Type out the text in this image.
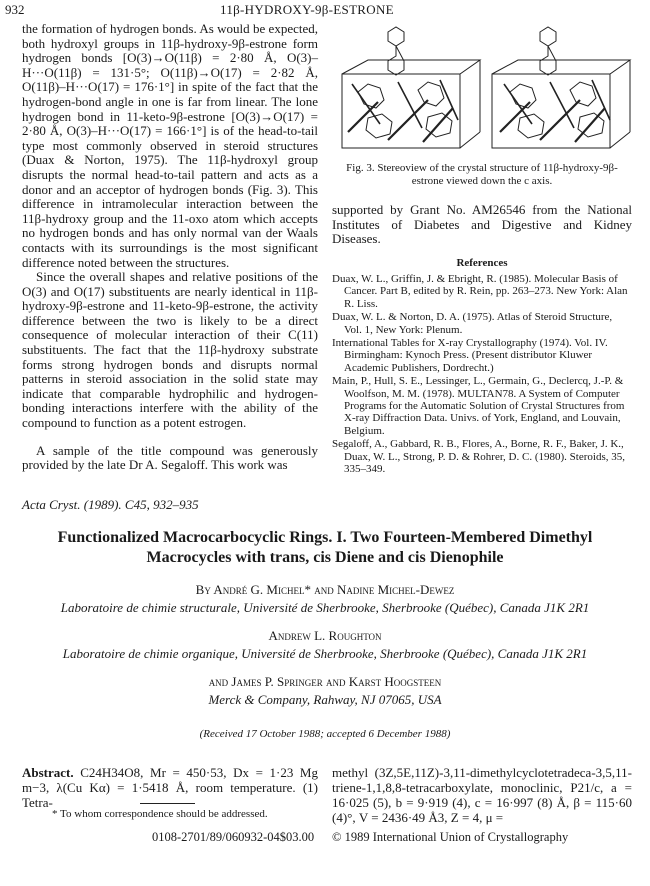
932	11β-HYDROXY-9β-ESTRONE

the formation of hydrogen bonds. As would be expected, both hydroxyl groups in 11β-hydroxy-9β-estrone form hydrogen bonds [O(3)→O(11β) = 2·80 Å, O(3)–H···O(11β) = 131·5°; O(11β)→O(17) = 2·82 Å, O(11β)–H···O(17) = 176·1°] in spite of the fact that the hydrogen-bond angle in one is far from linear. The lone hydrogen bond in 11-keto-9β-estrone [O(3)→O(17) = 2·80 Å, O(3)–H···O(17) = 166·1°] is of the head-to-tail type most commonly observed in steroid structures (Duax & Norton, 1975). The 11β-hydroxyl group disrupts the normal head-to-tail pattern and acts as a donor and an acceptor of hydrogen bonds (Fig. 3). This difference in intramolecular interaction between the 11β-hydroxy group and the 11-oxo atom which accepts no hydrogen bonds and has only normal van der Waals contacts with its surroundings is the most significant difference noted between the structures.

Since the overall shapes and relative positions of the O(3) and O(17) substituents are nearly identical in 11β-hydroxy-9β-estrone and 11-keto-9β-estrone, the activity difference between the two is likely to be a direct consequence of molecular interaction of their C(11) substituents. The fact that the 11β-hydroxy substrate forms strong hydrogen bonds and disrupts normal patterns in steroid association in the solid state may indicate that comparable hydrophilic and hydrogen-bonding interactions interfere with the ability of the compound to function as a potent estrogen.

A sample of the title compound was generously provided by the late Dr A. Segaloff. This work was

Fig. 3. Stereoview of the crystal structure of 11β-hydroxy-9β-estrone viewed down the c axis.
supported by Grant No. AM26546 from the National Institutes of Diabetes and Digestive and Kidney Diseases.
References

Duax, W. L., Griffin, J. & Ebright, R. (1985). Molecular Basis of Cancer. Part B, edited by R. Rein, pp. 263–273. New York: Alan R. Liss.

Duax, W. L. & Norton, D. A. (1975). Atlas of Steroid Structure, Vol. 1, New York: Plenum.

International Tables for X-ray Crystallography (1974). Vol. IV. Birmingham: Kynoch Press. (Present distributor Kluwer Academic Publishers, Dordrecht.)

Main, P., Hull, S. E., Lessinger, L., Germain, G., Declercq, J.-P. & Woolfson, M. M. (1978). MULTAN78. A System of Computer Programs for the Automatic Solution of Crystal Structures from X-ray Diffraction Data. Univs. of York, England, and Louvain, Belgium.

Segaloff, A., Gabbard, R. B., Flores, A., Borne, R. F., Baker, J. K., Duax, W. L., Strong, P. D. & Rohrer, D. C. (1980). Steroids, 35, 335–349.

Acta Cryst. (1989). C45, 932–935
Functionalized Macrocarbocyclic Rings. I. Two Fourteen-Membered Dimethyl
Macrocycles with trans, cis Diene and cis Dienophile
By André G. Michel* and Nadine Michel-Dewez
Laboratoire de chimie structurale, Université de Sherbrooke, Sherbrooke (Québec), Canada J1K 2R1
Andrew L. Roughton
Laboratoire de chimie organique, Université de Sherbrooke, Sherbrooke (Québec), Canada J1K 2R1
and James P. Springer and Karst Hoogsteen
Merck & Company, Rahway, NJ 07065, USA
(Received 17 October 1988; accepted 6 December 1988)
Abstract. C24H34O8, Mr = 450·53, Dx = 1·23 Mg m−3, λ(Cu Kα) = 1·5418 Å, room temperature. (1) Tetra-
methyl (3Z,5E,11Z)-3,11-dimethylcyclotetradeca-3,5,11-triene-1,1,8,8-tetracarboxylate, monoclinic, P21/c, a = 16·025 (5), b = 9·919 (4), c = 16·997 (8) Å, β = 115·60 (4)°, V = 2436·49 Å3, Z = 4, μ =
* To whom correspondence should be addressed.
0108-2701/89/060932-04$03.00 © 1989 International Union of Crystallography
